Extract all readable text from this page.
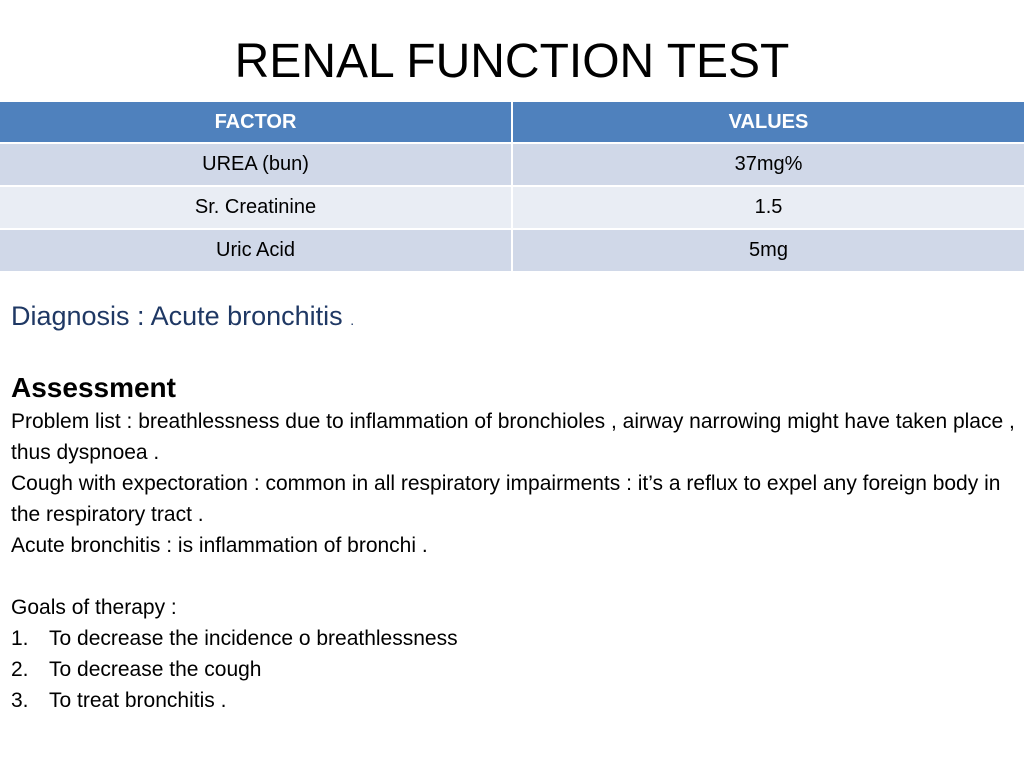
RENAL FUNCTION TEST
FACTOR	VALUES
UREA (bun)	37mg%
Sr. Creatinine	1.5
Uric Acid	5mg
Diagnosis : Acute bronchitis .
Assessment

Problem list : breathlessness due to inflammation of bronchioles , airway narrowing might have taken place , thus dyspnoea .

Cough with expectoration : common in all respiratory impairments : it’s a reflux to expel any foreign body in the respiratory tract .

Acute bronchitis : is inflammation of bronchi .

Goals of therapy :

1. To decrease the incidence o breathlessness
2. To decrease the cough
3. To treat bronchitis .
